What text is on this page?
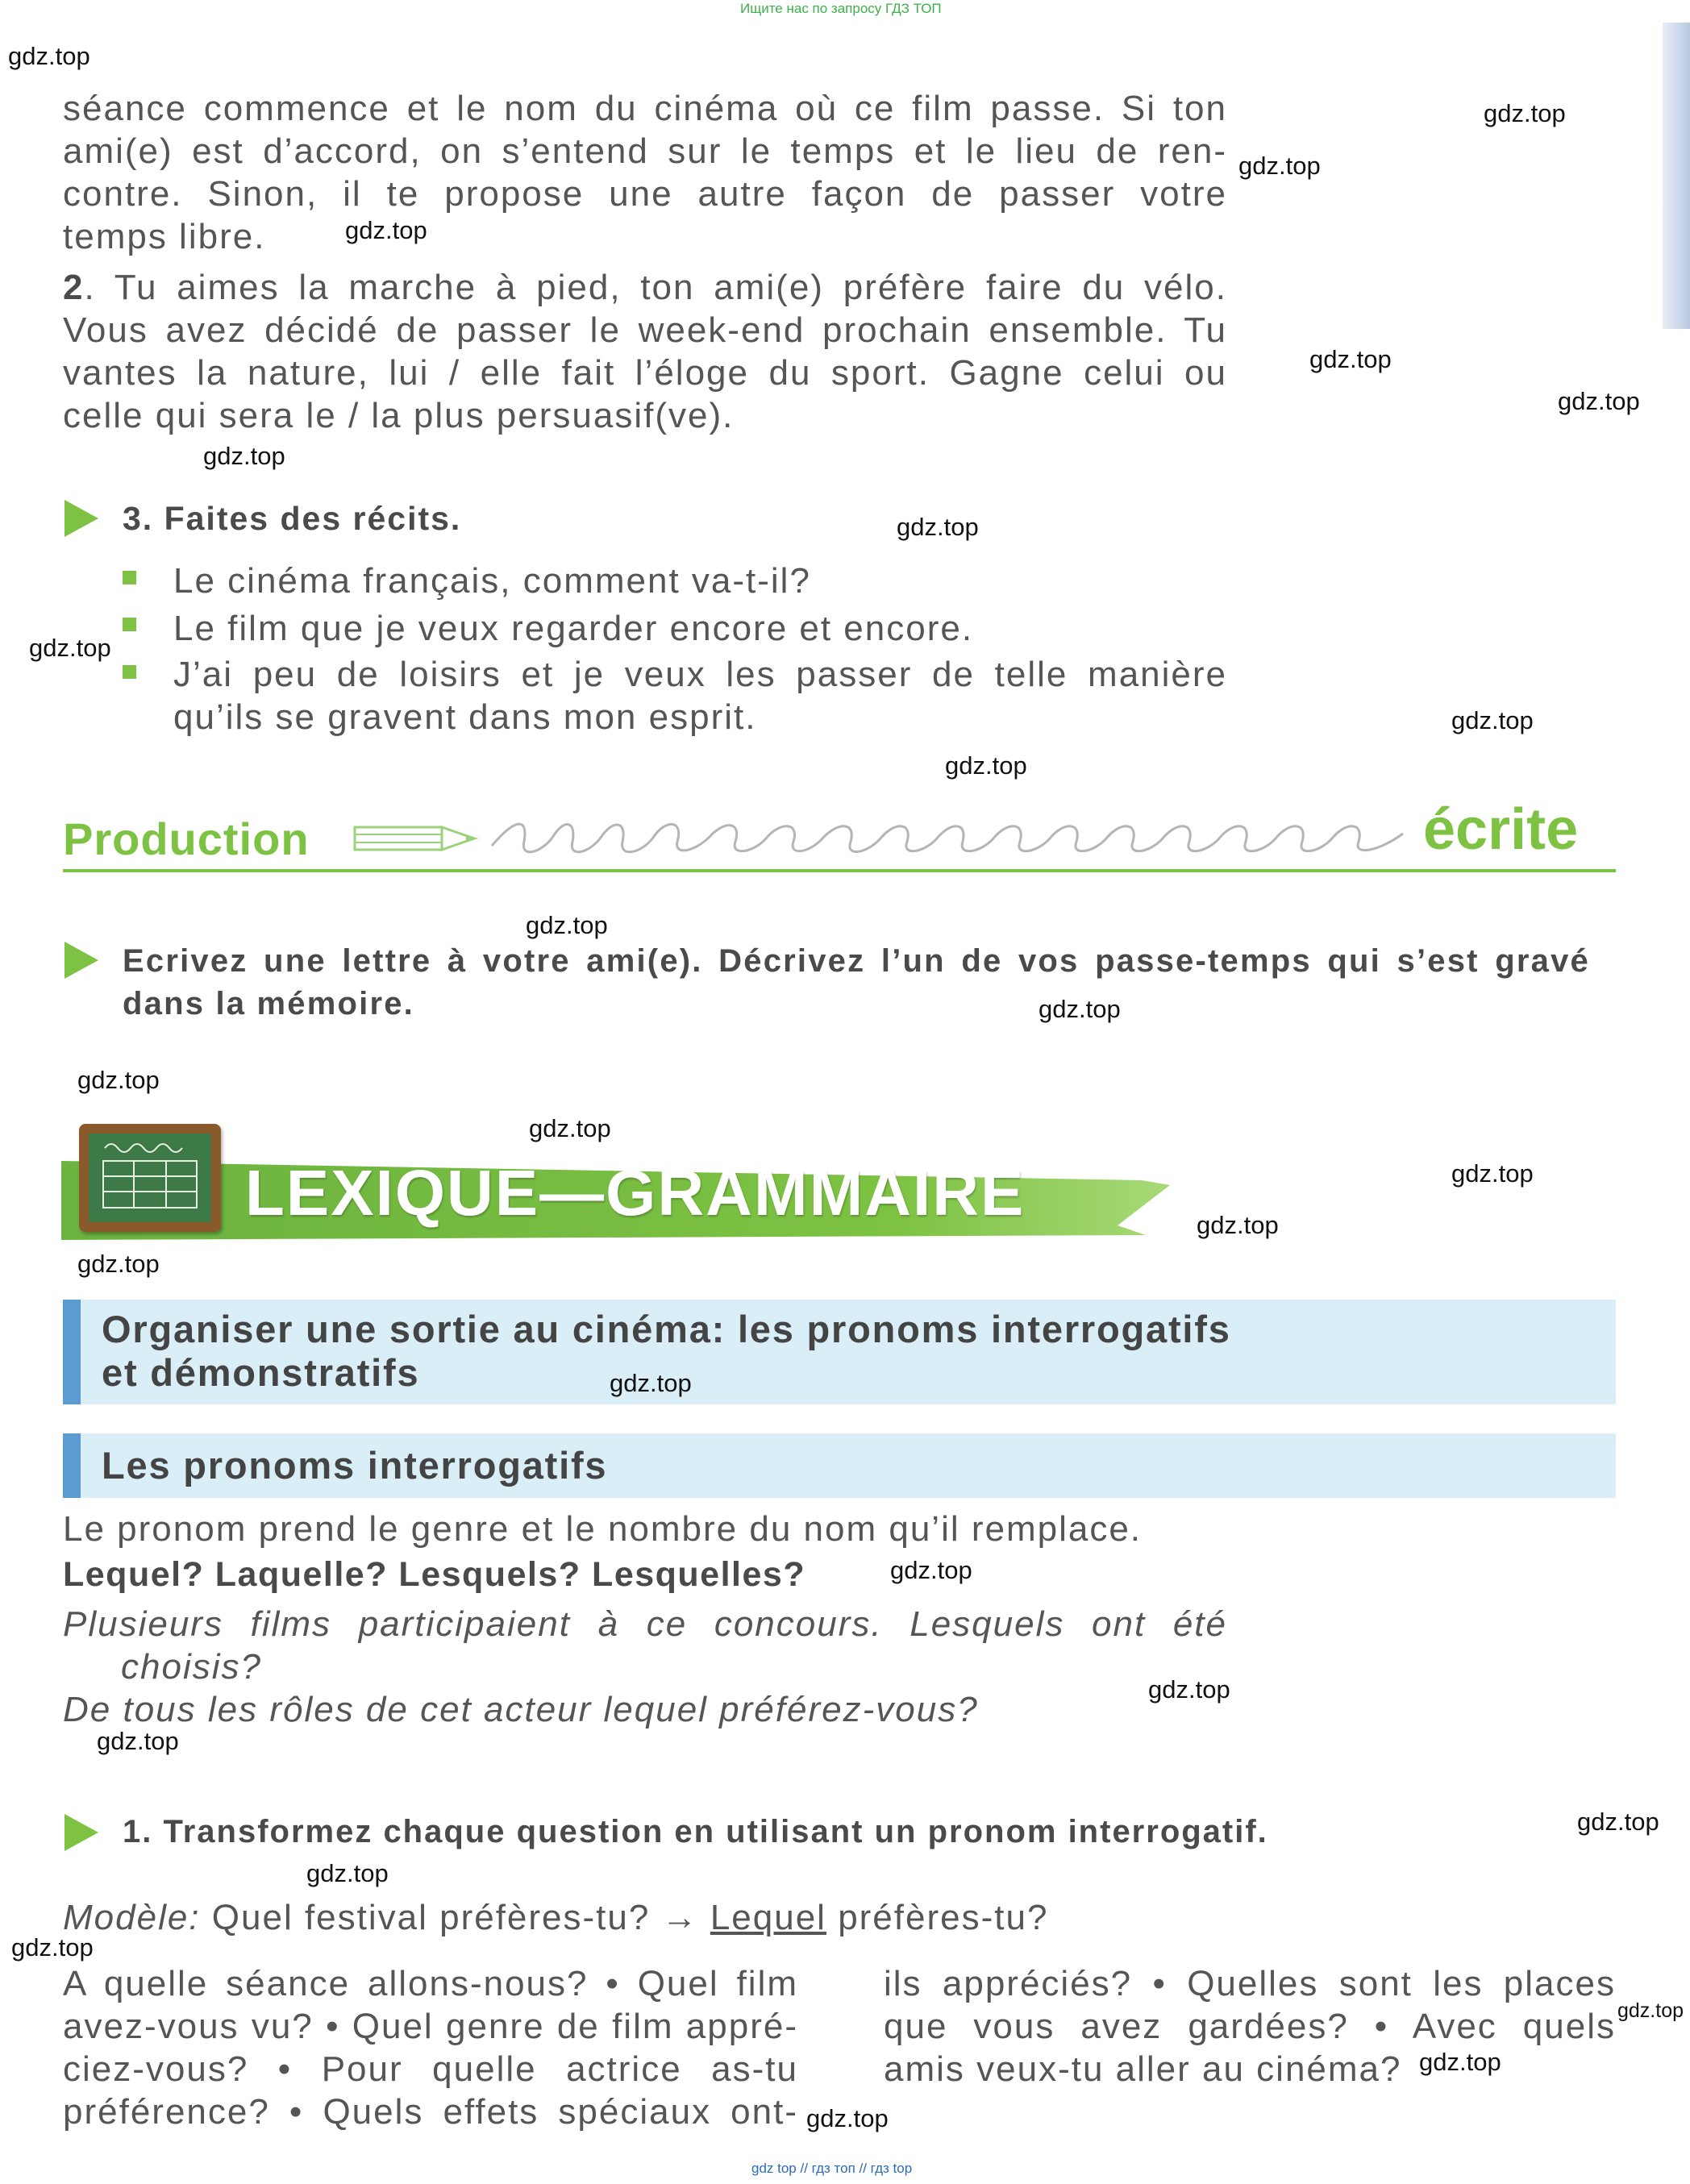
Ищите нас по запросу ГДЗ ТОП
gdz top // гдз топ // гдз top
séance commence et le nom du cinéma où ce film passe. Si ton
ami(e) est d’accord, on s’entend sur le temps et le lieu de ren-
contre. Sinon, il te propose une autre façon de passer votre
temps libre.
2. Tu aimes la marche à pied, ton ami(e) préfère faire du vélo.
Vous avez décidé de passer le week-end prochain ensemble. Tu
vantes la nature, lui / elle fait l’éloge du sport. Gagne celui ou
celle qui sera le / la plus persuasif(ve).
3. Faites des récits.
Le cinéma français, comment va-t-il?
Le film que je veux regarder encore et encore.
J’ai peu de loisirs et je veux les passer de telle manière
qu’ils se gravent dans mon esprit.
Production	écrite
Ecrivez une lettre à votre ami(e). Décrivez l’un de vos passe-temps qui s’est gravé
dans la mémoire.
LEXIQUE—GRAMMAIRE
Organiser une sortie au cinéma: les pronoms interrogatifs
et démonstratifs
Les pronoms interrogatifs
Le pronom prend le genre et le nombre du nom qu’il remplace.
Lequel? Laquelle? Lesquels? Lesquelles?
Plusieurs films participaient à ce concours. Lesquels ont été
choisis?
De tous les rôles de cet acteur lequel préférez-vous?
1. Transformez chaque question en utilisant un pronom interrogatif.
Modèle: Quel festival préfères-tu? → Lequel préfères-tu?
A quelle séance allons-nous? • Quel film
avez-vous vu? • Quel genre de film appré-
ciez-vous? • Pour quelle actrice as-tu
préférence? • Quels effets spéciaux ont-
ils appréciés? • Quelles sont les places
que vous avez gardées? • Avec quels
amis veux-tu aller au cinéma?
gdz.top
gdz.top
gdz.top
gdz.top
gdz.top
gdz.top
gdz.top
gdz.top
gdz.top
gdz.top
gdz.top
gdz.top
gdz.top
gdz.top
gdz.top
gdz.top
gdz.top
gdz.top
gdz.top
gdz.top
gdz.top
gdz.top
gdz.top
gdz.top
gdz.top
gdz.top
gdz.top
gdz.top
